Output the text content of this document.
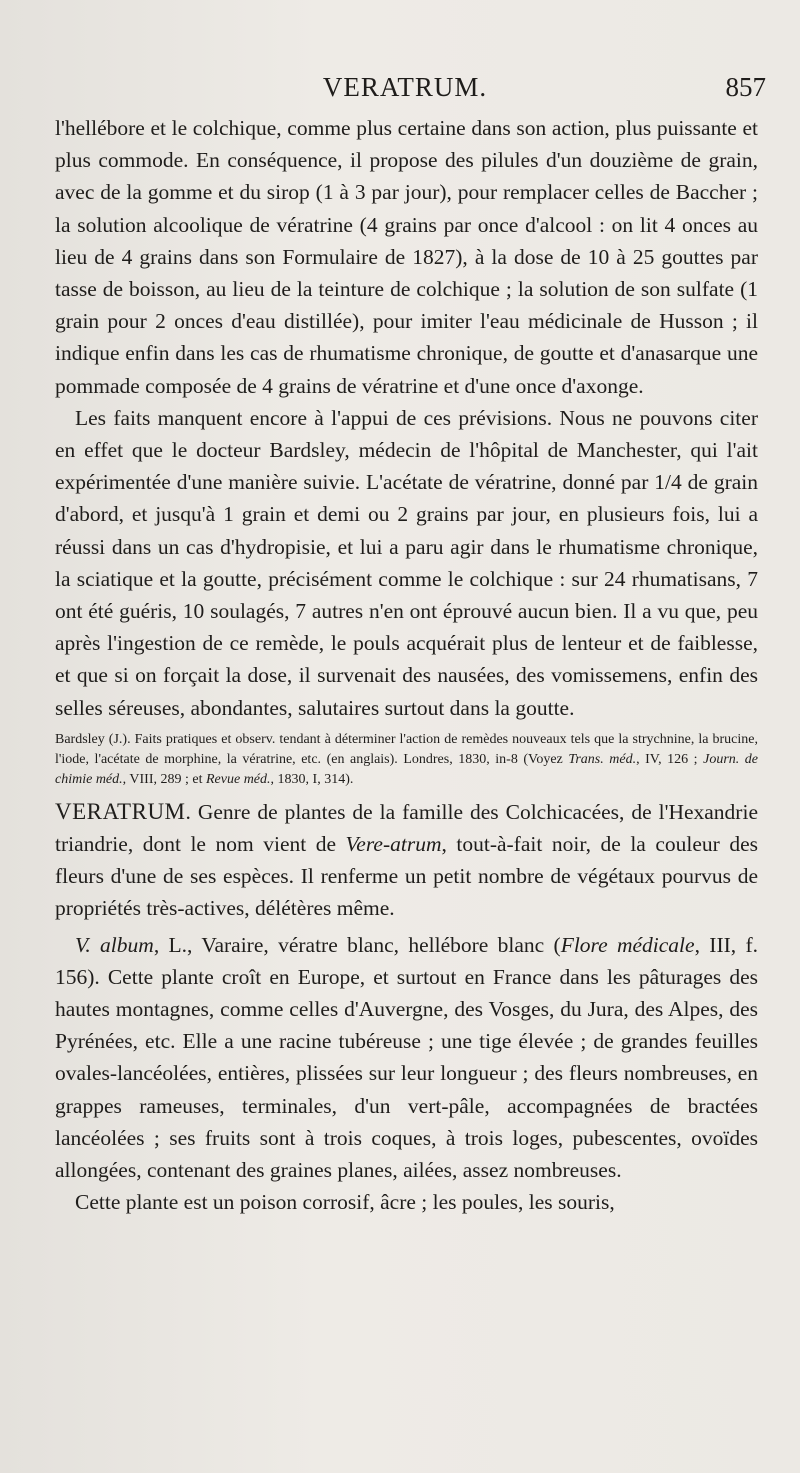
VERATRUM.	857

l'hellébore et le colchique, comme plus certaine dans son action, plus puissante et plus commode. En conséquence, il propose des pilules d'un douzième de grain, avec de la gomme et du sirop (1 à 3 par jour), pour remplacer celles de Baccher ; la solution alcoolique de vératrine (4 grains par once d'alcool : on lit 4 onces au lieu de 4 grains dans son Formulaire de 1827), à la dose de 10 à 25 gouttes par tasse de boisson, au lieu de la teinture de colchique ; la solution de son sulfate (1 grain pour 2 onces d'eau distillée), pour imiter l'eau médicinale de Husson ; il indique enfin dans les cas de rhumatisme chronique, de goutte et d'anasarque une pommade composée de 4 grains de vératrine et d'une once d'axonge.

Les faits manquent encore à l'appui de ces prévisions. Nous ne pouvons citer en effet que le docteur Bardsley, médecin de l'hôpital de Manchester, qui l'ait expérimentée d'une manière suivie. L'acétate de vératrine, donné par 1/4 de grain d'abord, et jusqu'à 1 grain et demi ou 2 grains par jour, en plusieurs fois, lui a réussi dans un cas d'hydropisie, et lui a paru agir dans le rhumatisme chronique, la sciatique et la goutte, précisément comme le colchique : sur 24 rhumatisans, 7 ont été guéris, 10 soulagés, 7 autres n'en ont éprouvé aucun bien. Il a vu que, peu après l'ingestion de ce remède, le pouls acquérait plus de lenteur et de faiblesse, et que si on forçait la dose, il survenait des nausées, des vomissemens, enfin des selles séreuses, abondantes, salutaires surtout dans la goutte.

Bardsley (J.). Faits pratiques et observ. tendant à déterminer l'action de remèdes nouveaux tels que la strychnine, la brucine, l'iode, l'acétate de morphine, la vératrine, etc. (en anglais). Londres, 1830, in-8 (Voyez Trans. méd., IV, 126 ; Journ. de chimie méd., VIII, 289 ; et Revue méd., 1830, I, 314).

VERATRUM. Genre de plantes de la famille des Colchicacées, de l'Hexandrie triandrie, dont le nom vient de Vere-atrum, tout-à-fait noir, de la couleur des fleurs d'une de ses espèces. Il renferme un petit nombre de végétaux pourvus de propriétés très-actives, délétères même.

V. album, L., Varaire, vératre blanc, hellébore blanc (Flore médicale, III, f. 156). Cette plante croît en Europe, et surtout en France dans les pâturages des hautes montagnes, comme celles d'Auvergne, des Vosges, du Jura, des Alpes, des Pyrénées, etc. Elle a une racine tubéreuse ; une tige élevée ; de grandes feuilles ovales-lancéolées, entières, plissées sur leur longueur ; des fleurs nombreuses, en grappes rameuses, terminales, d'un vert-pâle, accompagnées de bractées lancéolées ; ses fruits sont à trois coques, à trois loges, pubescentes, ovoïdes allongées, contenant des graines planes, ailées, assez nombreuses.

Cette plante est un poison corrosif, âcre ; les poules, les souris,
